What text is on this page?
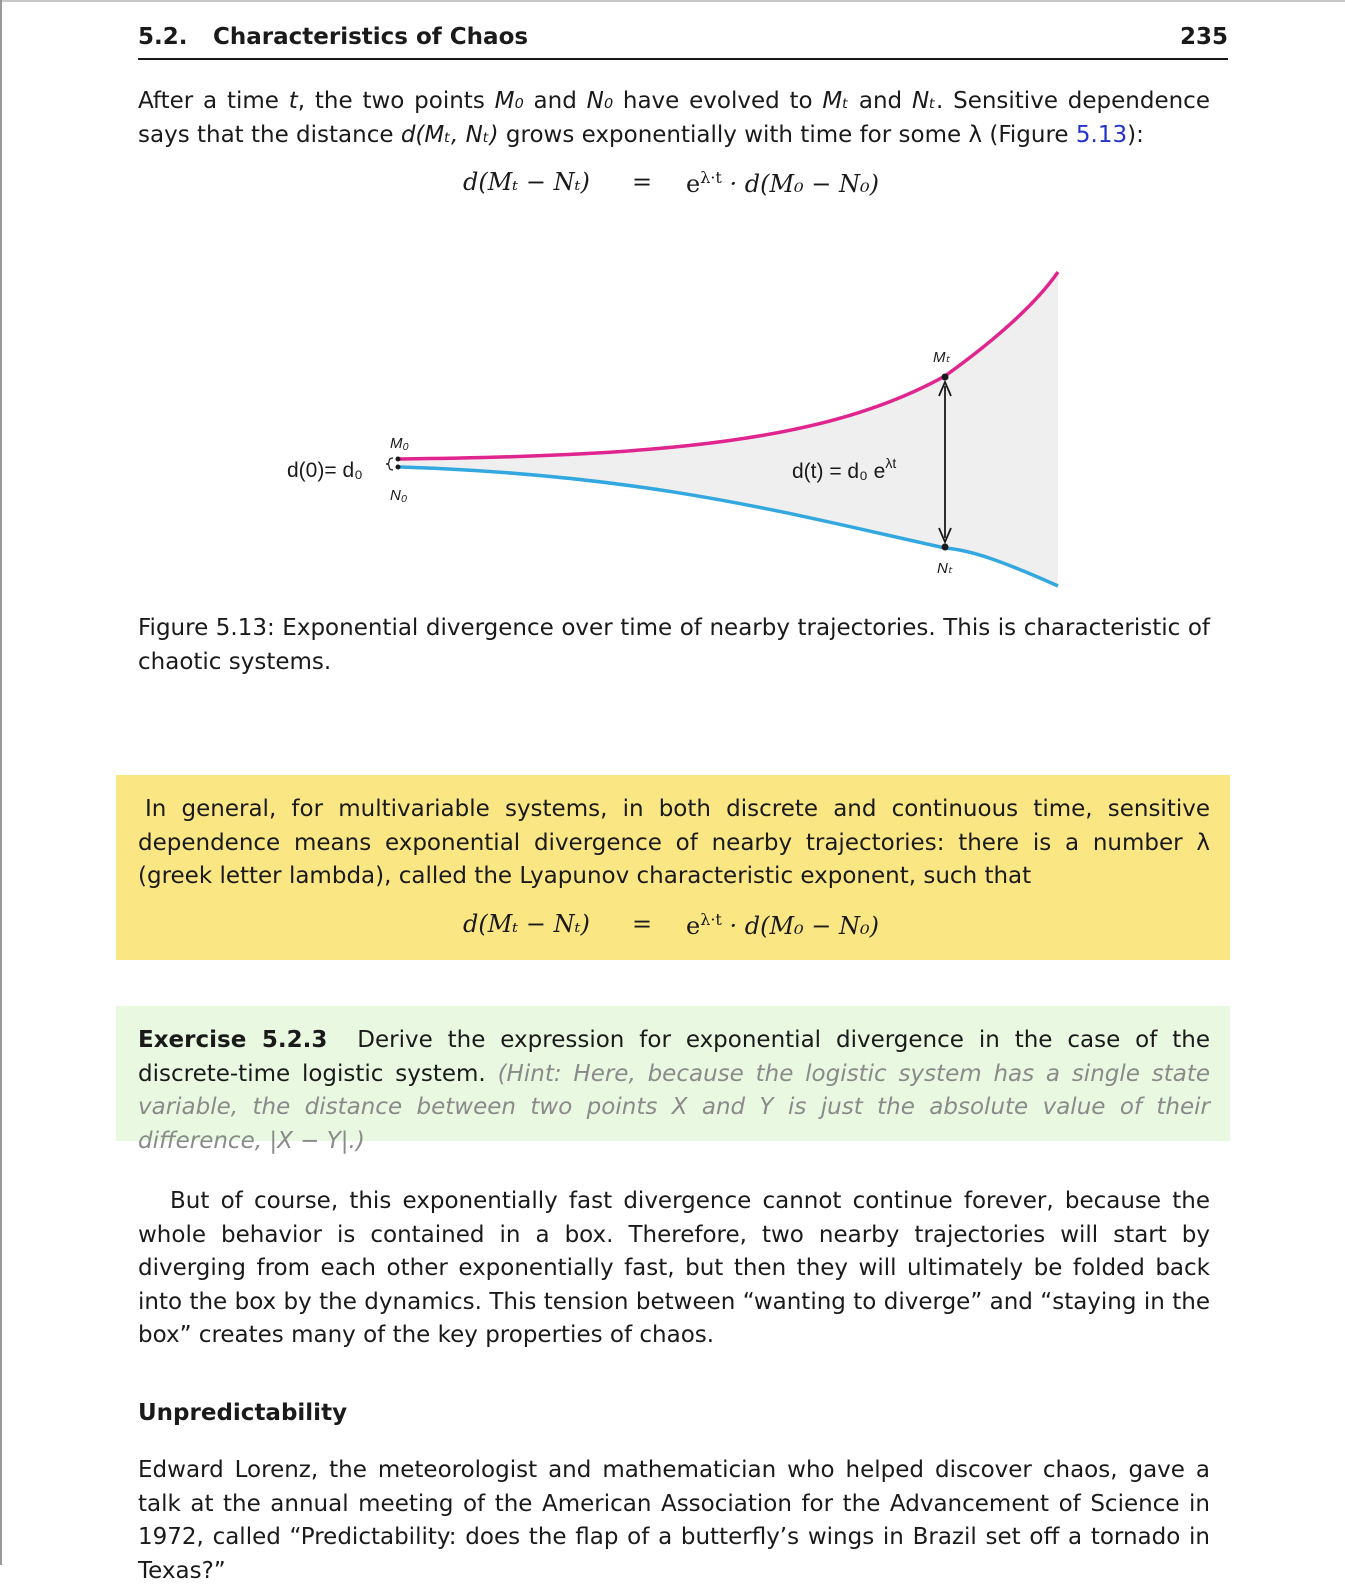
5.2. Characteristics of Chaos	235
After a time t, the two points M₀ and N₀ have evolved to Mₜ and Nₜ. Sensitive dependence says that the distance d(Mₜ, Nₜ) grows exponentially with time for some λ (Figure 5.13):
$d(M_t - N_t) = e^{\lambda\cdot t} \cdot d(M_0 - N_0)$
d(0)= d₀
M₀
N₀
Mₜ
Nₜ
d(t) = d₀ $e^{\lambda t}$
Figure 5.13: Exponential divergence over time of nearby trajectories. This is characteristic of chaotic systems.
In general, for multivariable systems, in both discrete and continuous time, sensitive dependence means exponential divergence of nearby trajectories: there is a number λ (greek letter lambda), called the Lyapunov characteristic exponent, such that
$d(M_t - N_t) = e^{\lambda\cdot t} \cdot d(M_0 - N_0)$
Exercise 5.2.3 Derive the expression for exponential divergence in the case of the discrete-time logistic system. (Hint: Here, because the logistic system has a single state variable, the distance between two points X and Y is just the absolute value of their difference, |X − Y|.)
But of course, this exponentially fast divergence cannot continue forever, because the whole behavior is contained in a box. Therefore, two nearby trajectories will start by diverging from each other exponentially fast, but then they will ultimately be folded back into the box by the dynamics. This tension between “wanting to diverge” and “staying in the box” creates many of the key properties of chaos.
Unpredictability
Edward Lorenz, the meteorologist and mathematician who helped discover chaos, gave a talk at the annual meeting of the American Association for the Advancement of Science in 1972, called “Predictability: does the flap of a butterfly’s wings in Brazil set off a tornado in Texas?”
